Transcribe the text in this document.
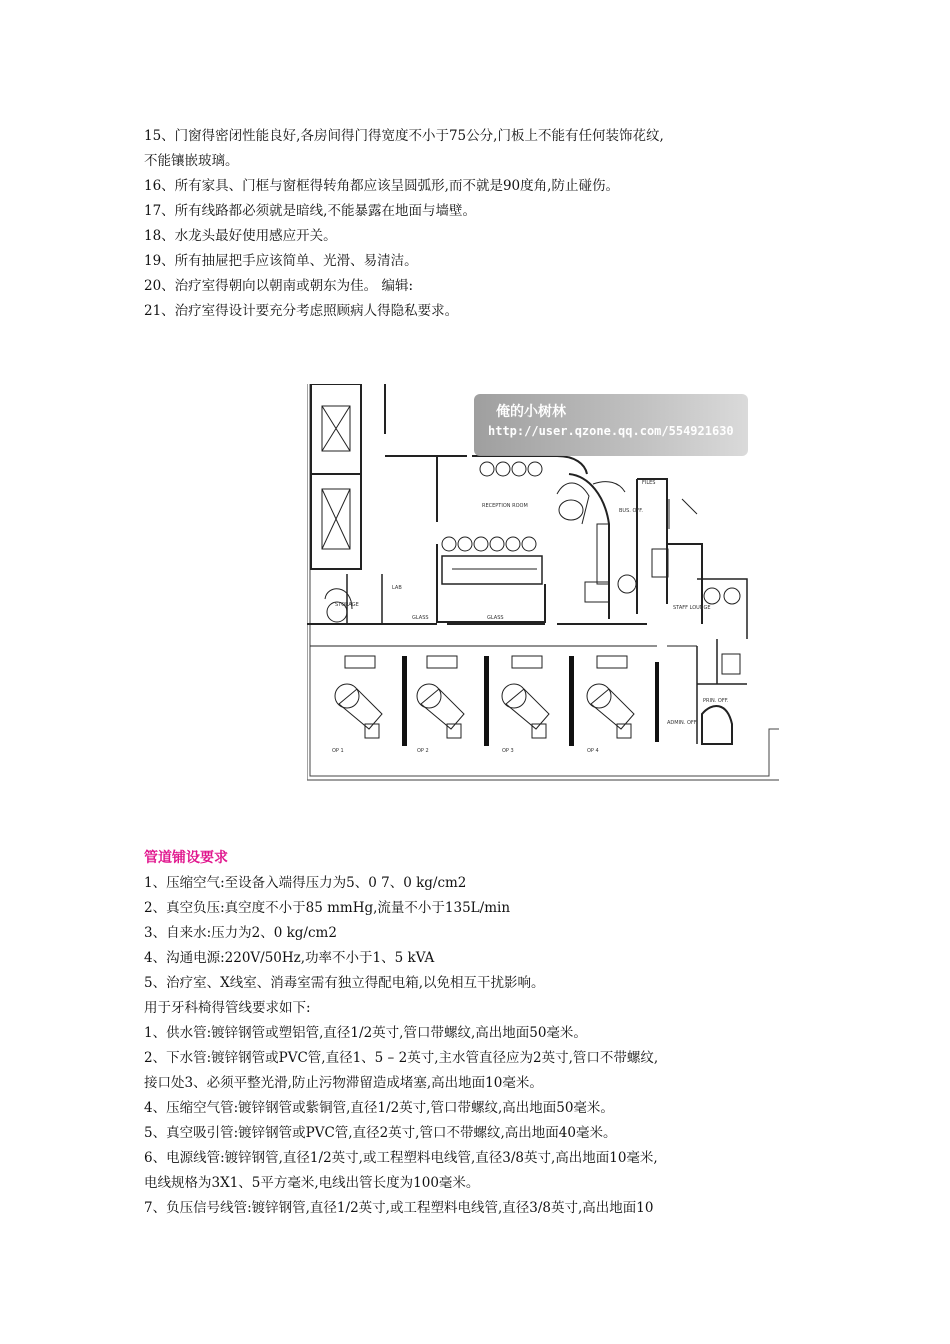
15、门窗得密闭性能良好,各房间得门得宽度不小于75公分,门板上不能有任何装饰花纹,
不能镶嵌玻璃。
16、所有家具、门框与窗框得转角都应该呈圆弧形,而不就是90度角,防止碰伤。
17、所有线路都必须就是暗线,不能暴露在地面与墙壁。
18、水龙头最好使用感应开关。
19、所有抽屉把手应该简单、光滑、易清洁。
20、治疗室得朝向以朝南或朝东为佳。 编辑:
21、治疗室得设计要充分考虑照顾病人得隐私要求。
RECEPTION ROOM
STORAGE
LAB
GLASS	GLASS
BUS. OFF.
FILES
STAFF LOUNGE
PRIN. OFF.
ADMIN. OFF.
OP 1	OP 2	OP 3	OP 4
俺的小树林
http://user.qzone.qq.com/554921630
管道铺设要求
1、压缩空气:至设备入端得压力为5、0 7、0 kg/cm2
2、真空负压:真空度不小于85 mmHg,流量不小于135L/min
3、自来水:压力为2、0 kg/cm2
4、沟通电源:220V/50Hz,功率不小于1、5 kVA
5、治疗室、X线室、消毒室需有独立得配电箱,以免相互干扰影响。
用于牙科椅得管线要求如下:
1、供水管:镀锌钢管或塑铝管,直径1/2英寸,管口带螺纹,高出地面50毫米。
2、下水管:镀锌钢管或PVC管,直径1、5 – 2英寸,主水管直径应为2英寸,管口不带螺纹,
接口处3、必须平整光滑,防止污物滞留造成堵塞,高出地面10毫米。
4、压缩空气管:镀锌钢管或紫铜管,直径1/2英寸,管口带螺纹,高出地面50毫米。
5、真空吸引管:镀锌钢管或PVC管,直径2英寸,管口不带螺纹,高出地面40毫米。
6、电源线管:镀锌钢管,直径1/2英寸,或工程塑料电线管,直径3/8英寸,高出地面10毫米,
电线规格为3X1、5平方毫米,电线出管长度为100毫米。
7、负压信号线管:镀锌钢管,直径1/2英寸,或工程塑料电线管,直径3/8英寸,高出地面10
